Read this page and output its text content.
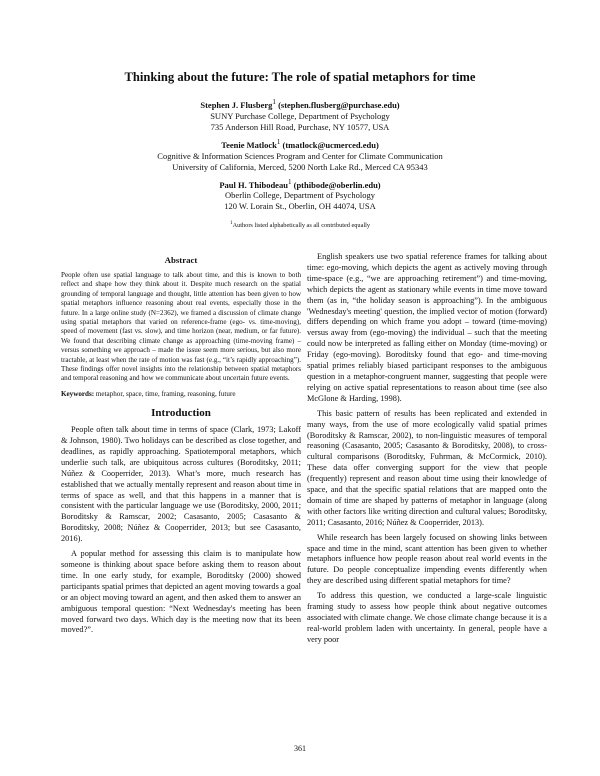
Thinking about the future: The role of spatial metaphors for time
Stephen J. Flusberg$^1$ (stephen.flusberg@purchase.edu)
SUNY Purchase College, Department of Psychology
735 Anderson Hill Road, Purchase, NY 10577, USA
Teenie Matlock$^1$ (tmatlock@ucmerced.edu)
Cognitive & Information Sciences Program and Center for Climate Communication
University of California, Merced, 5200 North Lake Rd., Merced CA 95343
Paul H. Thibodeau$^1$ (pthibode@oberlin.edu)
Oberlin College, Department of Psychology
120 W. Lorain St., Oberlin, OH 44074, USA
$^1$Authors listed alphabetically as all contributed equally
Abstract
People often use spatial language to talk about time, and this is known to both reflect and shape how they think about it. Despite much research on the spatial grounding of temporal language and thought, little attention has been given to how spatial metaphors influence reasoning about real events, especially those in the future. In a large online study (N=2362), we framed a discussion of climate change using spatial metaphors that varied on reference-frame (ego- vs. time-moving), speed of movement (fast vs. slow), and time horizon (near, medium, or far future). We found that describing climate change as approaching (time-moving frame) – versus something we approach – made the issue seem more serious, but also more tractable, at least when the rate of motion was fast (e.g., “it’s rapidly approaching”). These findings offer novel insights into the relationship between spatial metaphors and temporal reasoning and how we communicate about uncertain future events.
Keywords: metaphor, space, time, framing, reasoning, future
Introduction

People often talk about time in terms of space (Clark, 1973; Lakoff & Johnson, 1980). Two holidays can be described as close together, and deadlines, as rapidly approaching. Spatiotemporal metaphors, which underlie such talk, are ubiquitous across cultures (Boroditsky, 2011; Núñez & Cooperrider, 2013). What’s more, much research has established that we actually mentally represent and reason about time in terms of space as well, and that this happens in a manner that is consistent with the particular language we use (Boroditsky, 2000, 2011; Boroditsky & Ramscar, 2002; Casasanto, 2005; Casasanto & Boroditsky, 2008; Núñez & Cooperrider, 2013; but see Casasanto, 2016).

A popular method for assessing this claim is to manipulate how someone is thinking about space before asking them to reason about time. In one early study, for example, Boroditsky (2000) showed participants spatial primes that depicted an agent moving towards a goal or an object moving toward an agent, and then asked them to answer an ambiguous temporal question: “Next Wednesday's meeting has been moved forward two days. Which day is the meeting now that its been moved?”.

English speakers use two spatial reference frames for talking about time: ego-moving, which depicts the agent as actively moving through time-space (e.g., “we are approaching retirement”) and time-moving, which depicts the agent as stationary while events in time move toward them (as in, “the holiday season is approaching”). In the ambiguous 'Wednesday's meeting' question, the implied vector of motion (forward) differs depending on which frame you adopt – toward (time-moving) versus away from (ego-moving) the individual – such that the meeting could now be interpreted as falling either on Monday (time-moving) or Friday (ego-moving). Boroditsky found that ego- and time-moving spatial primes reliably biased participant responses to the ambiguous question in a metaphor-congruent manner, suggesting that people were relying on active spatial representations to reason about time (see also McGlone & Harding, 1998).

This basic pattern of results has been replicated and extended in many ways, from the use of more ecologically valid spatial primes (Boroditsky & Ramscar, 2002), to non-linguistic measures of temporal reasoning (Casasanto, 2005; Casasanto & Boroditsky, 2008), to cross-cultural comparisons (Boroditsky, Fuhrman, & McCormick, 2010). These data offer converging support for the view that people (frequently) represent and reason about time using their knowledge of space, and that the specific spatial relations that are mapped onto the domain of time are shaped by patterns of metaphor in language (along with other factors like writing direction and cultural values; Boroditsky, 2011; Casasanto, 2016; Núñez & Cooperrider, 2013).

While research has been largely focused on showing links between space and time in the mind, scant attention has been given to whether metaphors influence how people reason about real world events in the future. Do people conceptualize impending events differently when they are described using different spatial metaphors for time?

To address this question, we conducted a large-scale linguistic framing study to assess how people think about negative outcomes associated with climate change. We chose climate change because it is a real-world problem laden with uncertainty. In general, people have a very poor

361
